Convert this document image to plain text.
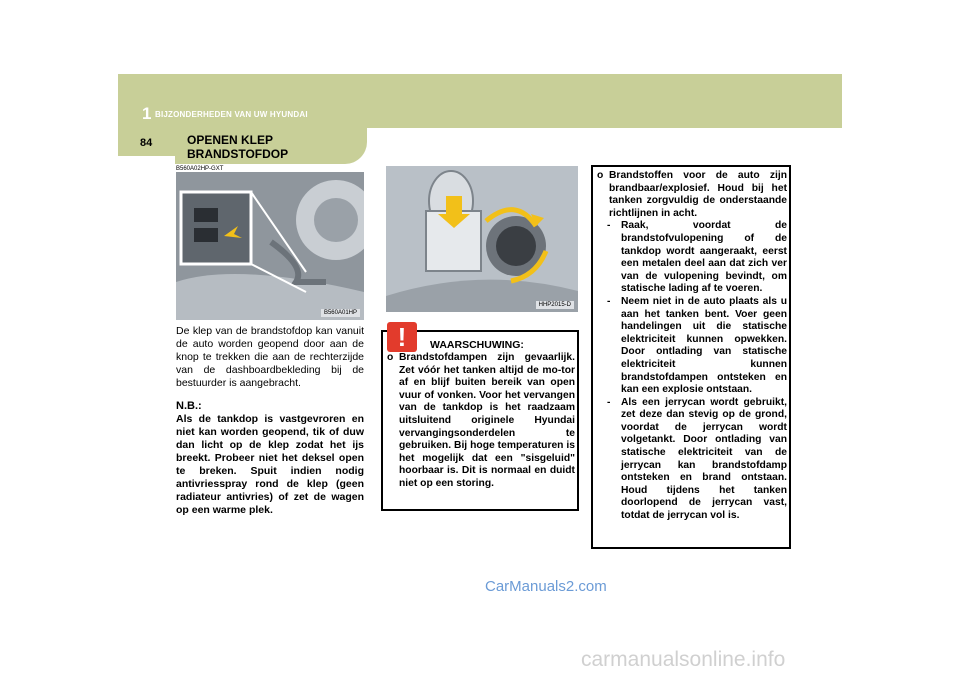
1 BIJZONDERHEDEN VAN UW HYUNDAI
84	OPENEN KLEP BRANDSTOFDOP
B560A02HP-GXT
B560A01HP
HHP2015-D
De klep van de brandstofdop kan vanuit de auto worden geopend door aan de knop te trekken die aan de rechterzijde van de dashboardbekleding bij de bestuurder is aangebracht.
N.B.:
Als de tankdop is vastgevroren en niet kan worden geopend, tik of duw dan licht op de klep zodat het ijs breekt. Probeer niet het deksel open te breken. Spuit indien nodig antivriesspray rond de klep (geen radiateur antivries) of zet de wagen op een warme plek.
!	WAARSCHUWING:
o Brandstofdampen zijn gevaarlijk. Zet vóór het tanken altijd de mo-tor af en blijf buiten bereik van open vuur of vonken. Voor het vervangen van de tankdop is het raadzaam uitsluitend originele Hyundai vervangingsonderdelen te gebruiken. Bij hoge temperaturen is het mogelijk dat een "sisgeluid" hoorbaar is. Dit is normaal en duidt niet op een storing.
o Brandstoffen voor de auto zijn brandbaar/explosief. Houd bij het tanken zorgvuldig de onderstaande richtlijnen in acht.
-	Raak, voordat de brandstofvulopening of de tankdop wordt aangeraakt, eerst een metalen deel aan dat zich ver van de vulopening bevindt, om statische lading af te voeren.
-	Neem niet in de auto plaats als u aan het tanken bent. Voer geen handelingen uit die statische elektriciteit kunnen opwekken. Door ontlading van statische elektriciteit kunnen brandstofdampen ontsteken en kan een explosie ontstaan.
-	Als een jerrycan wordt gebruikt, zet deze dan stevig op de grond, voordat de jerrycan wordt volgetankt. Door ontlading van statische elektriciteit van de jerrycan kan brandstofdamp ontsteken en brand ontstaan. Houd tijdens het tanken doorlopend de jerrycan vast, totdat de jerrycan vol is.
CarManuals2.com
carmanualsonline.info
